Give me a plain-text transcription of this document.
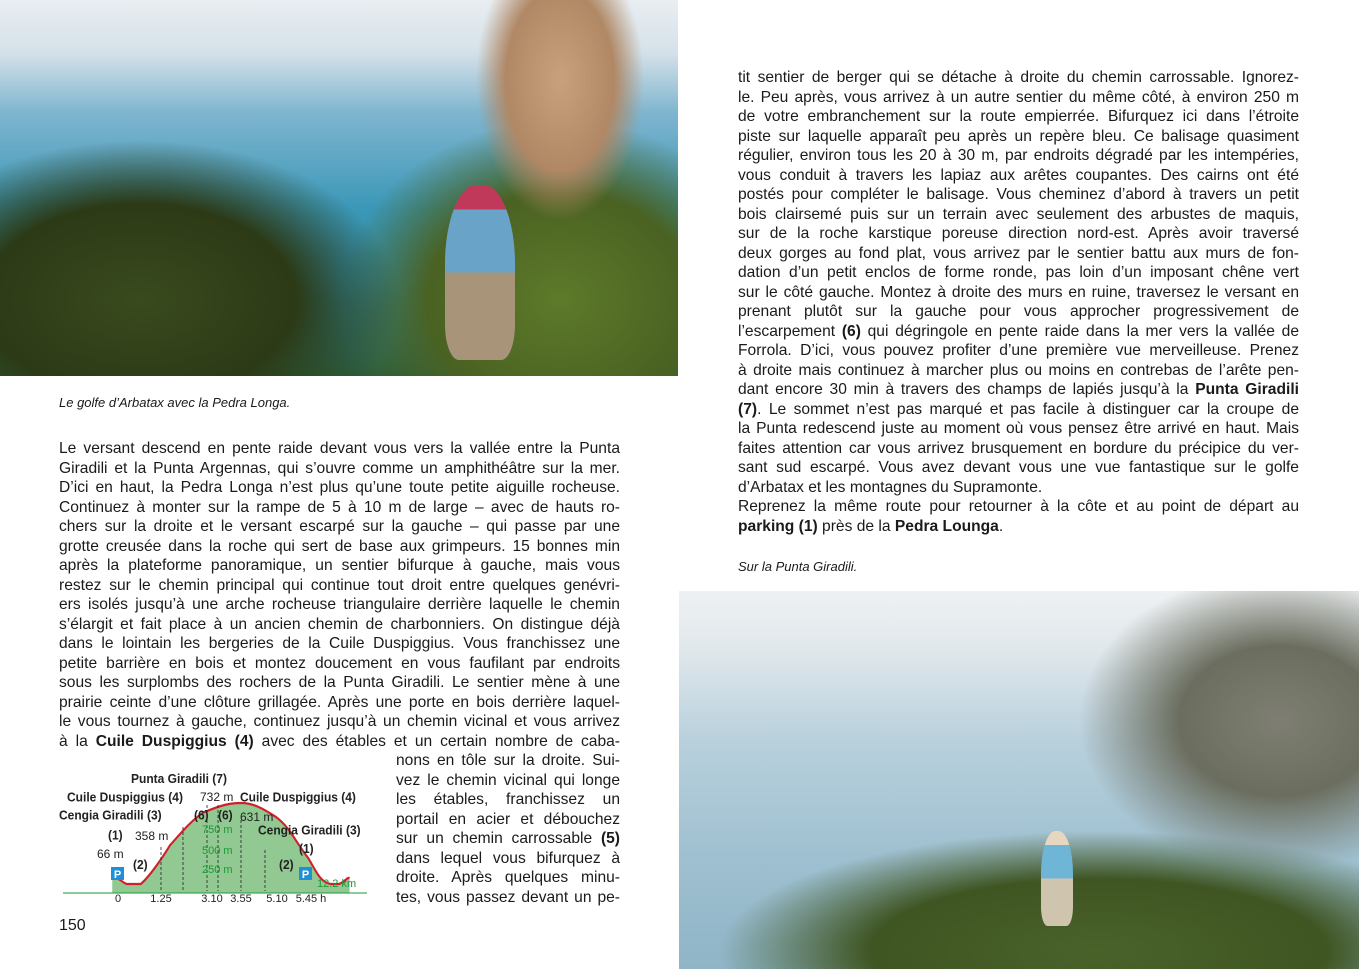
Le golfe d’Arbatax avec la Pedra Longa.
Le versant descend en pente raide devant vous vers la vallée entre la Punta
Giradili et la Punta Argennas, qui s’ouvre comme un amphithéâtre sur la mer.
D’ici en haut, la Pedra Longa n’est plus qu’une toute petite aiguille rocheuse.
Continuez à monter sur la rampe de 5 à 10 m de large – avec de hauts ro-
chers sur la droite et le versant escarpé sur la gauche – qui passe par une
grotte creusée dans la roche qui sert de base aux grimpeurs. 15 bonnes min
après la plateforme panoramique, un sentier bifurque à gauche, mais vous
restez sur le chemin principal qui continue tout droit entre quelques genévri-
ers isolés jusqu’à une arche rocheuse triangulaire derrière laquelle le chemin
s’élargit et fait place à un ancien chemin de charbonniers. On distingue déjà
dans le lointain les bergeries de la Cuile Duspiggius. Vous franchissez une
petite barrière en bois et montez doucement en vous faufilant par endroits
sous les surplombs des rochers de la Punta Giradili. Le sentier mène à une
prairie ceinte d’une clôture grillagée. Après une porte en bois derrière laquel-
le vous tournez à gauche, continuez jusqu’à un chemin vicinal et vous arrivez
à la Cuile Duspiggius (4) avec des étables et un certain nombre de caba-
nons en tôle sur la droite. Sui-
vez le chemin vicinal qui longe
les étables, franchissez un
portail en acier et débouchez
sur un chemin carrossable (5)
dans lequel vous bifurquez à
droite. Après quelques minu-
tes, vous passez devant un pe-
P	P
Punta Giradili (7)
Cuile Duspiggius (4)	Cuile Duspiggius (4)
Cengia Giradili (3)
Cengia Giradili (3)
(1)
(1)
(2)	(2)
(6) (6)
732 m
631 m
358 m
66 m
750 m
500 m
250 m
12.2 km
0	1.25	3.10 3.55 5.10 5.45 h
150
tit sentier de berger qui se détache à droite du chemin carrossable. Ignorez-
le. Peu après, vous arrivez à un autre sentier du même côté, à environ 250 m
de votre embranchement sur la route empierrée. Bifurquez ici dans l’étroite
piste sur laquelle apparaît peu après un repère bleu. Ce balisage quasiment
régulier, environ tous les 20 à 30 m, par endroits dégradé par les intempéries,
vous conduit à travers les lapiaz aux arêtes coupantes. Des cairns ont été
postés pour compléter le balisage. Vous cheminez d’abord à travers un petit
bois clairsemé puis sur un terrain avec seulement des arbustes de maquis,
sur de la roche karstique poreuse direction nord-est. Après avoir traversé
deux gorges au fond plat, vous arrivez par le sentier battu aux murs de fon-
dation d’un petit enclos de forme ronde, pas loin d’un imposant chêne vert
sur le côté gauche. Montez à droite des murs en ruine, traversez le versant en
prenant plutôt sur la gauche pour vous approcher progressivement de
l’escarpement (6) qui dégringole en pente raide dans la mer vers la vallée de
Forrola. D’ici, vous pouvez profiter d’une première vue merveilleuse. Prenez
à droite mais continuez à marcher plus ou moins en contrebas de l’arête pen-
dant encore 30 min à travers des champs de lapiés jusqu’à la Punta Giradili
(7). Le sommet n’est pas marqué et pas facile à distinguer car la croupe de
la Punta redescend juste au moment où vous pensez être arrivé en haut. Mais
faites attention car vous arrivez brusquement en bordure du précipice du ver-
sant sud escarpé. Vous avez devant vous une vue fantastique sur le golfe
d’Arbatax et les montagnes du Supramonte.
Reprenez la même route pour retourner à la côte et au point de départ au
parking (1) près de la Pedra Lounga.
Sur la Punta Giradili.
